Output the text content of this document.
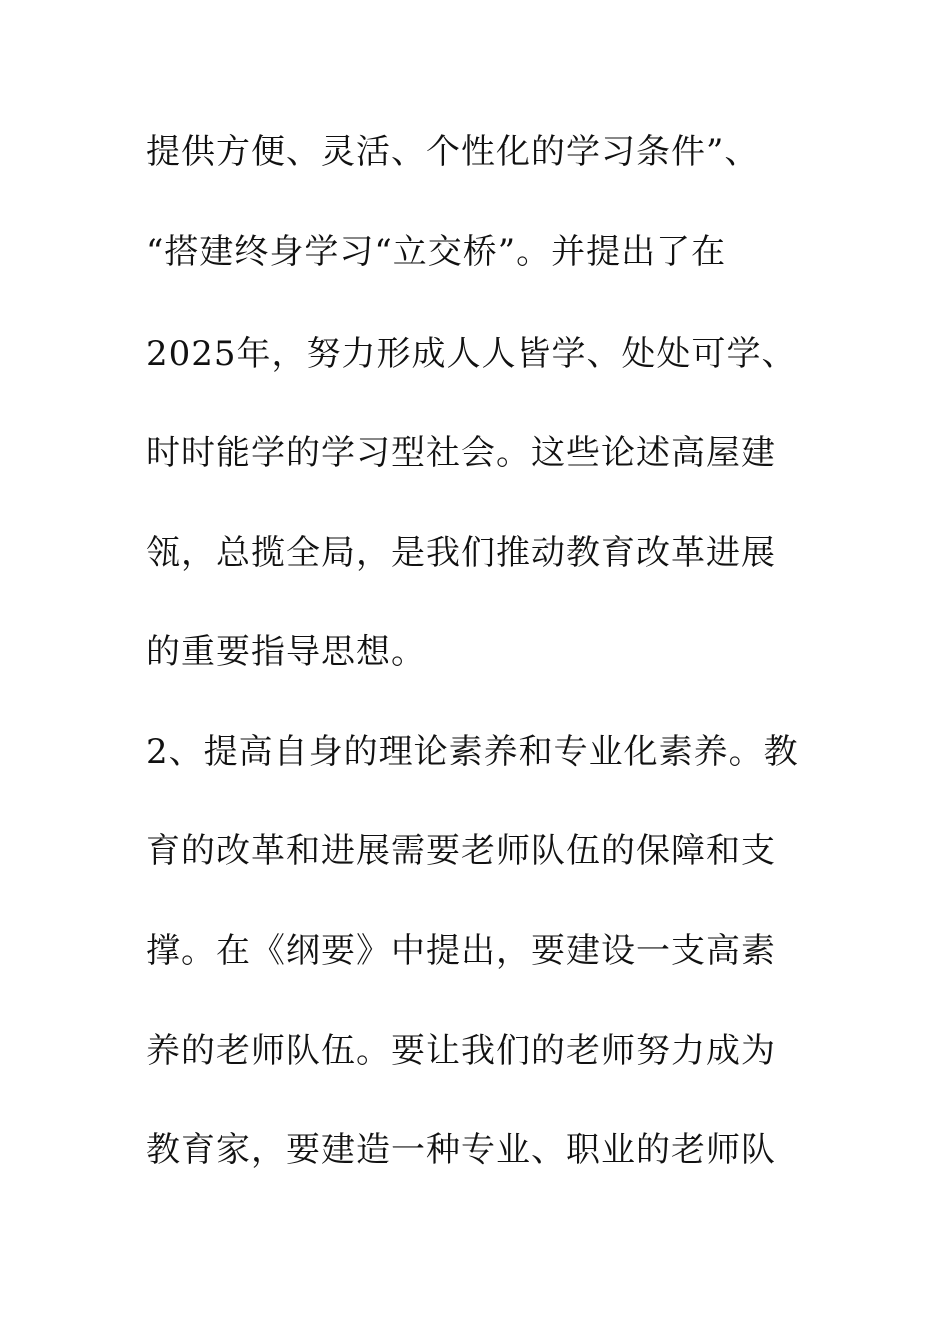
提供方便、灵活、个性化的学习条件”、
“搭建终身学习“立交桥”。并提出了在
2025年，努力形成人人皆学、处处可学、
时时能学的学习型社会。这些论述高屋建
瓴，总揽全局，是我们推动教育改革进展
的重要指导思想。
2、提高自身的理论素养和专业化素养。教
育的改革和进展需要老师队伍的保障和支
撑。在《纲要》中提出，要建设一支高素
养的老师队伍。要让我们的老师努力成为
教育家，要建造一种专业、职业的老师队
